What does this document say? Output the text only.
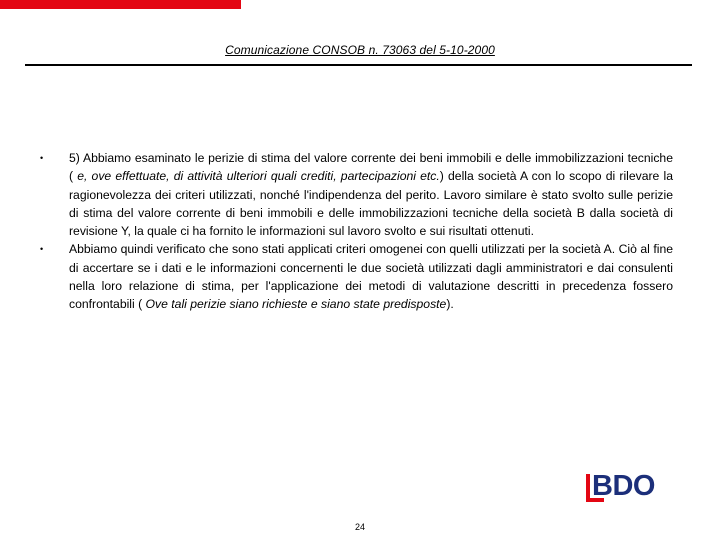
Comunicazione CONSOB n. 73063 del 5-10-2000
• 5) Abbiamo esaminato le perizie di stima del valore corrente dei beni immobili e delle immobilizzazioni tecniche ( e, ove effettuate, di attività ulteriori quali crediti, partecipazioni etc.) della società A con lo scopo di rilevare la ragionevolezza dei criteri utilizzati, nonché l'indipendenza del perito. Lavoro similare è stato svolto sulle perizie di stima del valore corrente di beni immobili e delle immobilizzazioni tecniche della società B dalla società di revisione Y, la quale ci ha fornito le informazioni sul lavoro svolto e sui risultati ottenuti.
• Abbiamo quindi verificato che sono stati applicati criteri omogenei con quelli utilizzati per la società A. Ciò al fine di accertare se i dati e le informazioni concernenti le due società utilizzati dagli amministratori e dai consulenti nella loro relazione di stima, per l'applicazione dei metodi di valutazione descritti in precedenza fossero confrontabili ( Ove tali perizie siano richieste e siano state predisposte).
BDO
24
